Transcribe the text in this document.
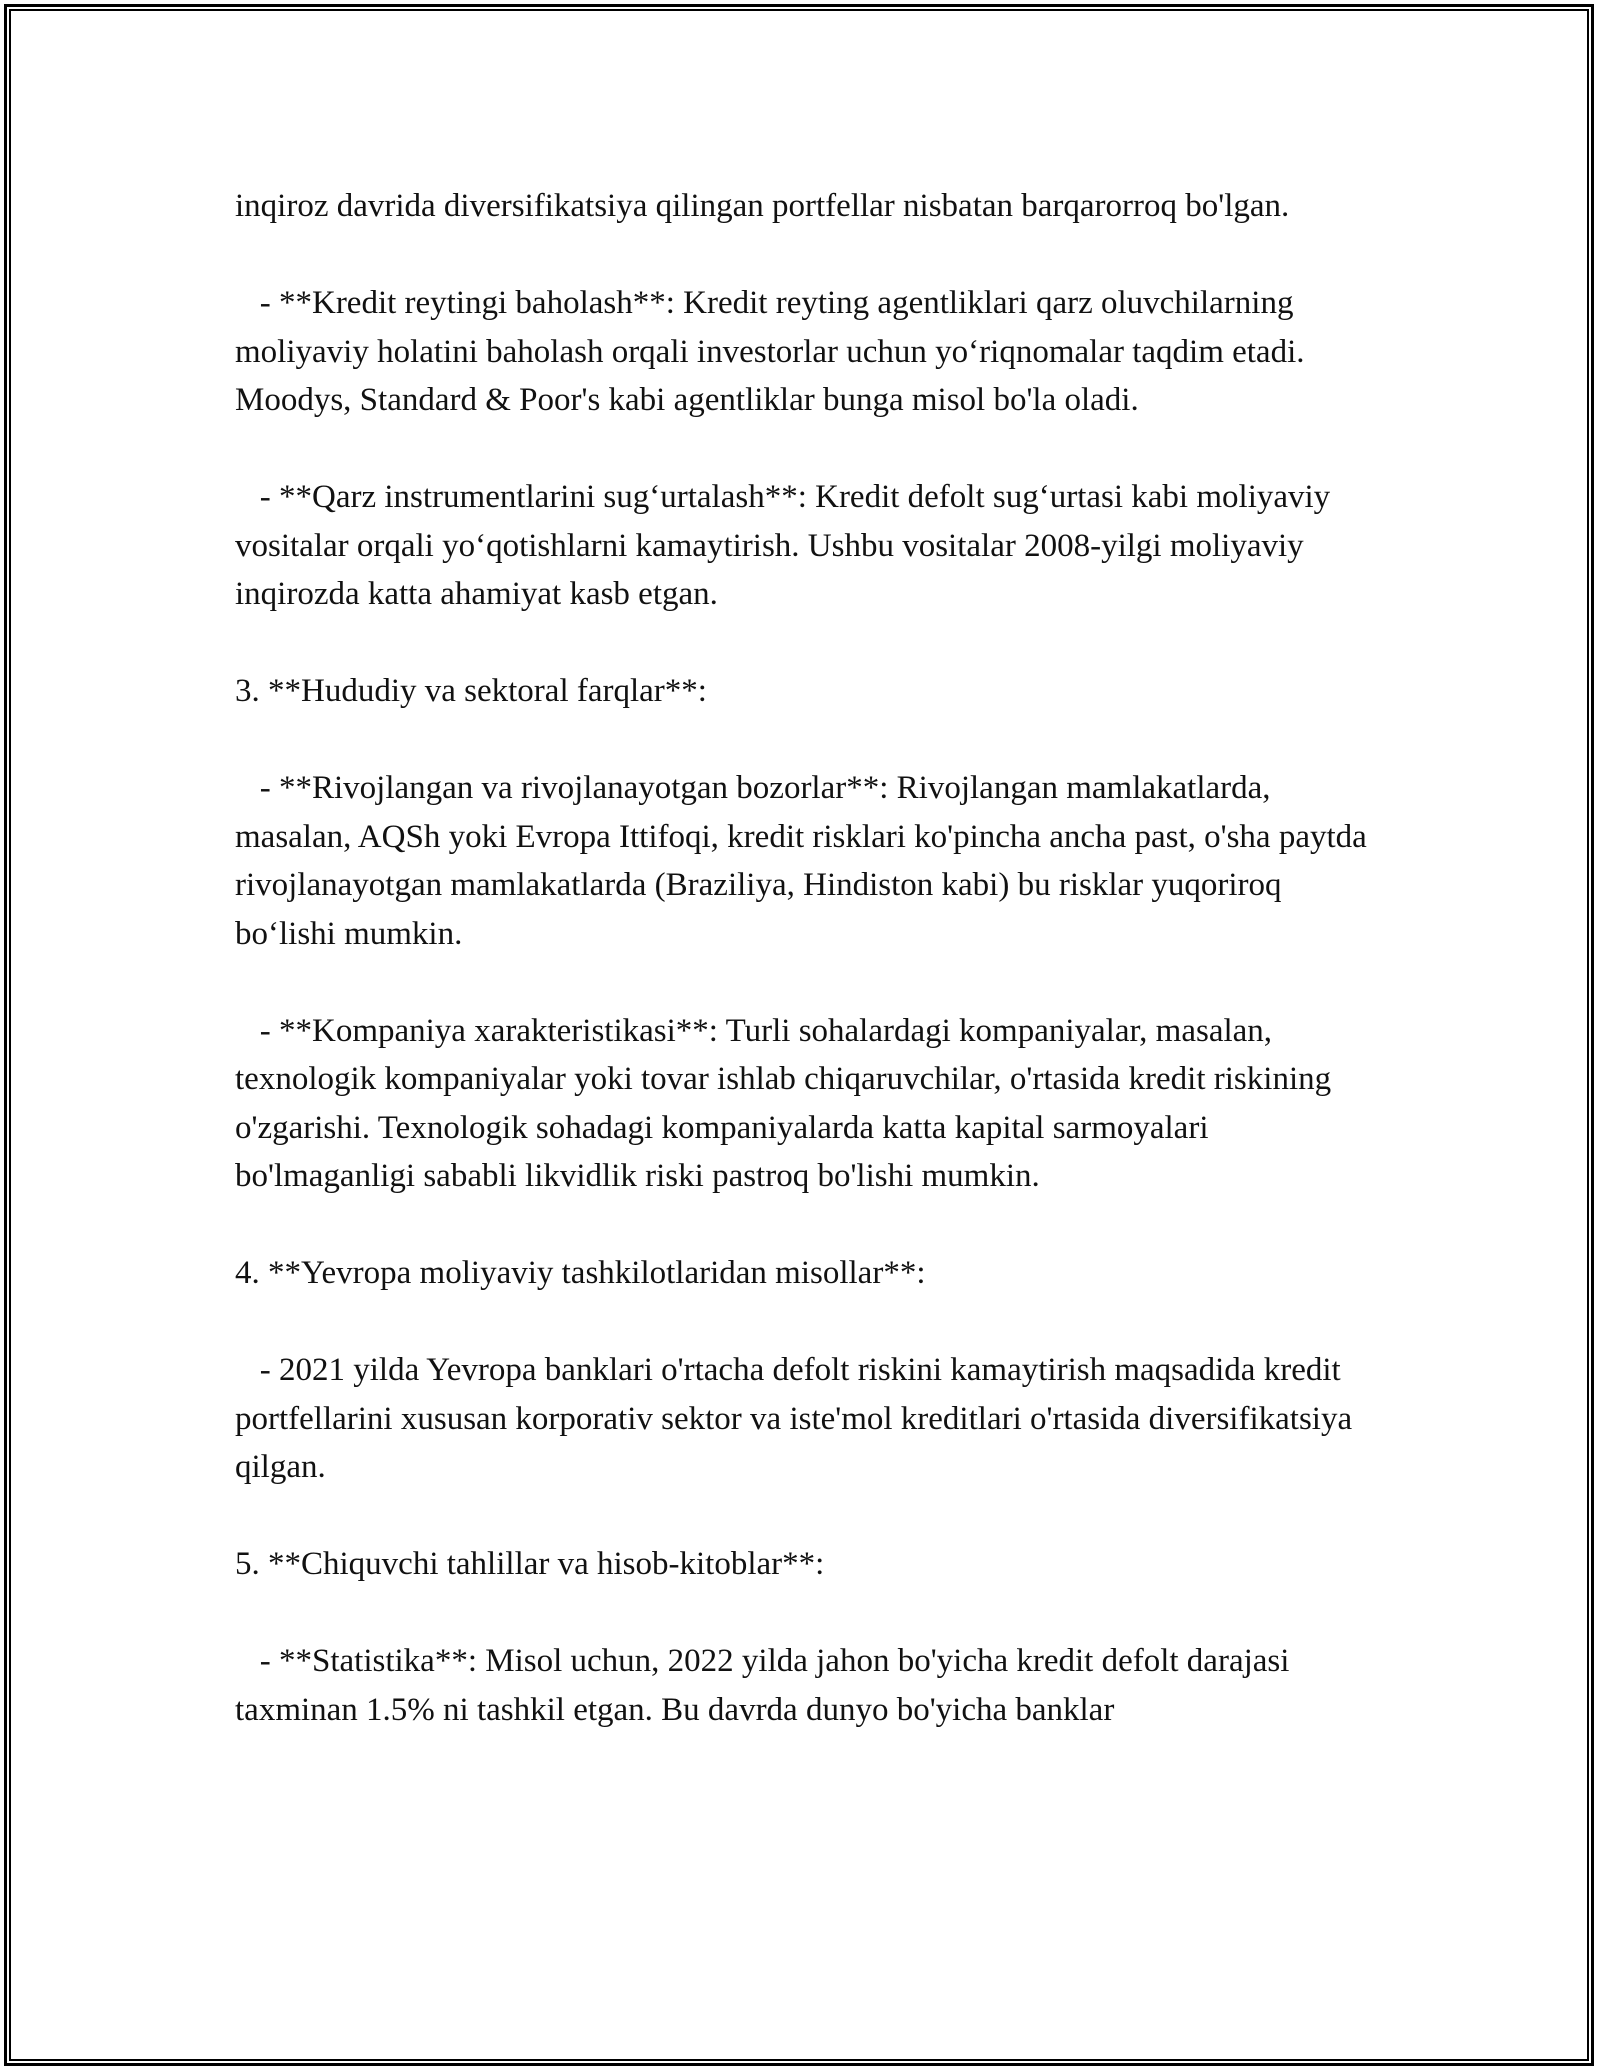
inqiroz davrida diversifikatsiya qilingan portfellar nisbatan barqarorroq bo'lgan.

- **Kredit reytingi baholash**: Kredit reyting agentliklari qarz oluvchilarning moliyaviy holatini baholash orqali investorlar uchun yo‘riqnomalar taqdim etadi. Moodys, Standard & Poor's kabi agentliklar bunga misol bo'la oladi.

- **Qarz instrumentlarini sug‘urtalash**: Kredit defolt sug‘urtasi kabi moliyaviy vositalar orqali yo‘qotishlarni kamaytirish. Ushbu vositalar 2008-yilgi moliyaviy inqirozda katta ahamiyat kasb etgan.

3. **Hududiy va sektoral farqlar**:

- **Rivojlangan va rivojlanayotgan bozorlar**: Rivojlangan mamlakatlarda, masalan, AQSh yoki Evropa Ittifoqi, kredit risklari ko'pincha ancha past, o'sha paytda rivojlanayotgan mamlakatlarda (Braziliya, Hindiston kabi) bu risklar yuqoriroq bo‘lishi mumkin.

- **Kompaniya xarakteristikasi**: Turli sohalardagi kompaniyalar, masalan, texnologik kompaniyalar yoki tovar ishlab chiqaruvchilar, o'rtasida kredit riskining o'zgarishi. Texnologik sohadagi kompaniyalarda katta kapital sarmoyalari bo'lmaganligi sababli likvidlik riski pastroq bo'lishi mumkin.

4. **Yevropa moliyaviy tashkilotlaridan misollar**:

- 2021 yilda Yevropa banklari o'rtacha defolt riskini kamaytirish maqsadida kredit portfellarini xususan korporativ sektor va iste'mol kreditlari o'rtasida diversifikatsiya qilgan.

5. **Chiquvchi tahlillar va hisob-kitoblar**:

- **Statistika**: Misol uchun, 2022 yilda jahon bo'yicha kredit defolt darajasi taxminan 1.5% ni tashkil etgan. Bu davrda dunyo bo'yicha banklar
